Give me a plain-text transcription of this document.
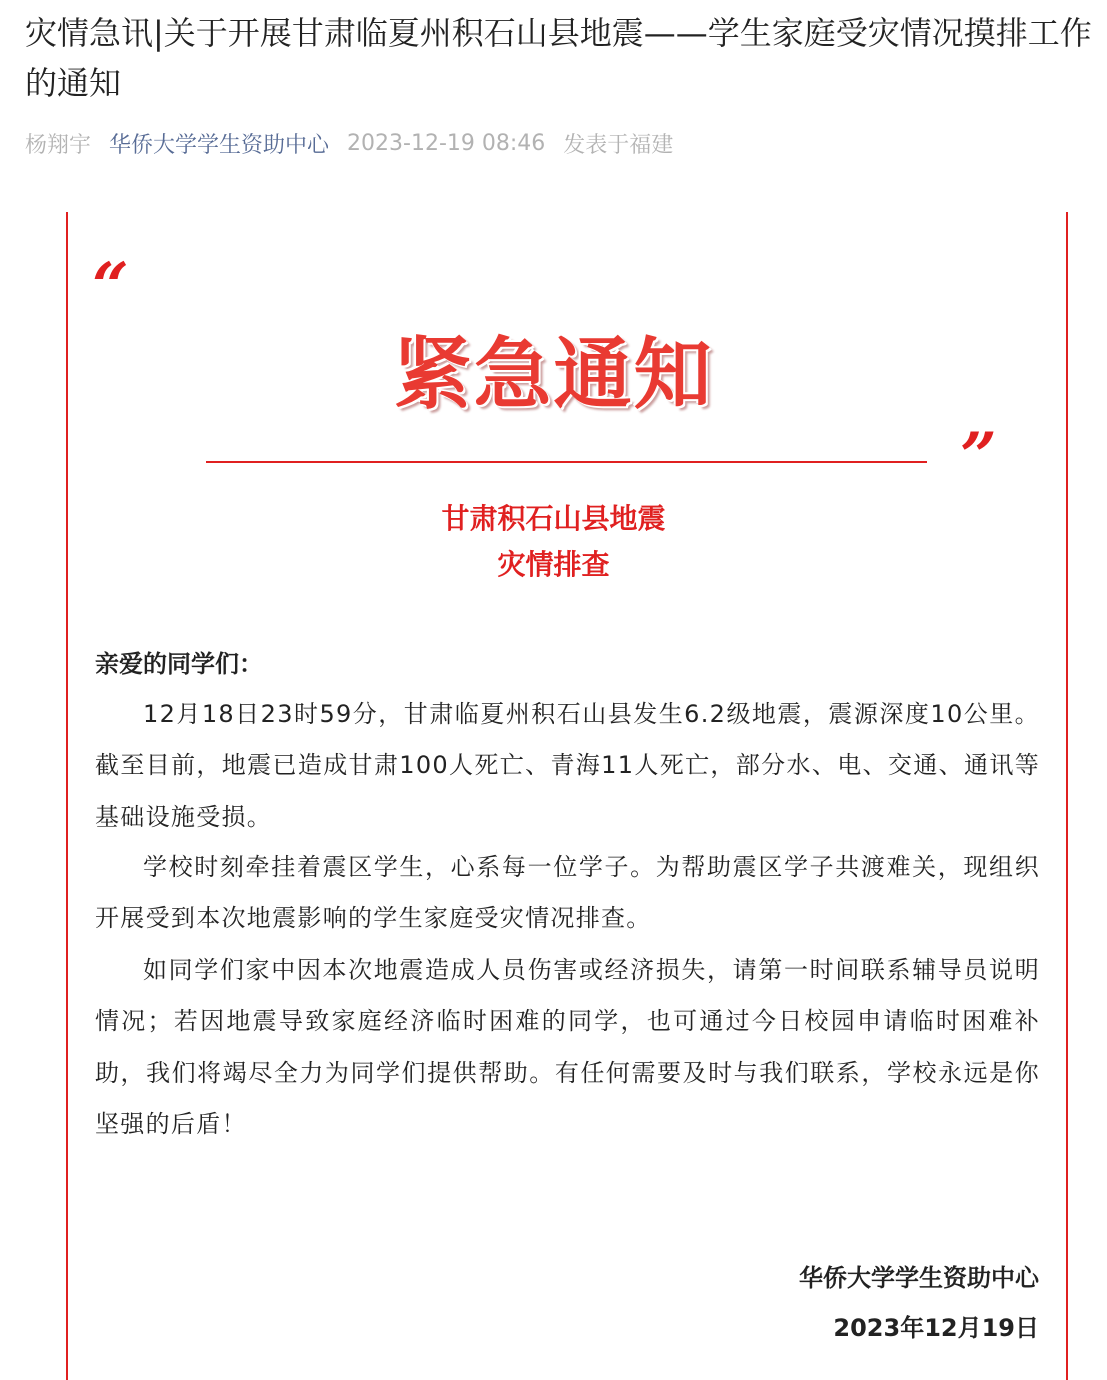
灾情急讯|关于开展甘肃临夏州积石山县地震——学生家庭受灾情况摸排工作的通知
杨翔宇 华侨大学学生资助中心 2023-12-19 08:46 发表于福建
“
紧急通知
”
甘肃积石山县地震
灾情排查
亲爱的同学们：

12月18日23时59分，甘肃临夏州积石山县发生6.2级地震，震源深度10公里。截至目前，地震已造成甘肃100人死亡、青海11人死亡，部分水、电、交通、通讯等基础设施受损。

学校时刻牵挂着震区学生，心系每一位学子。为帮助震区学子共渡难关，现组织开展受到本次地震影响的学生家庭受灾情况排查。

如同学们家中因本次地震造成人员伤害或经济损失，请第一时间联系辅导员说明情况；若因地震导致家庭经济临时困难的同学，也可通过今日校园申请临时困难补助，我们将竭尽全力为同学们提供帮助。有任何需要及时与我们联系，学校永远是你坚强的后盾！

华侨大学学生资助中心
2023年12月19日
